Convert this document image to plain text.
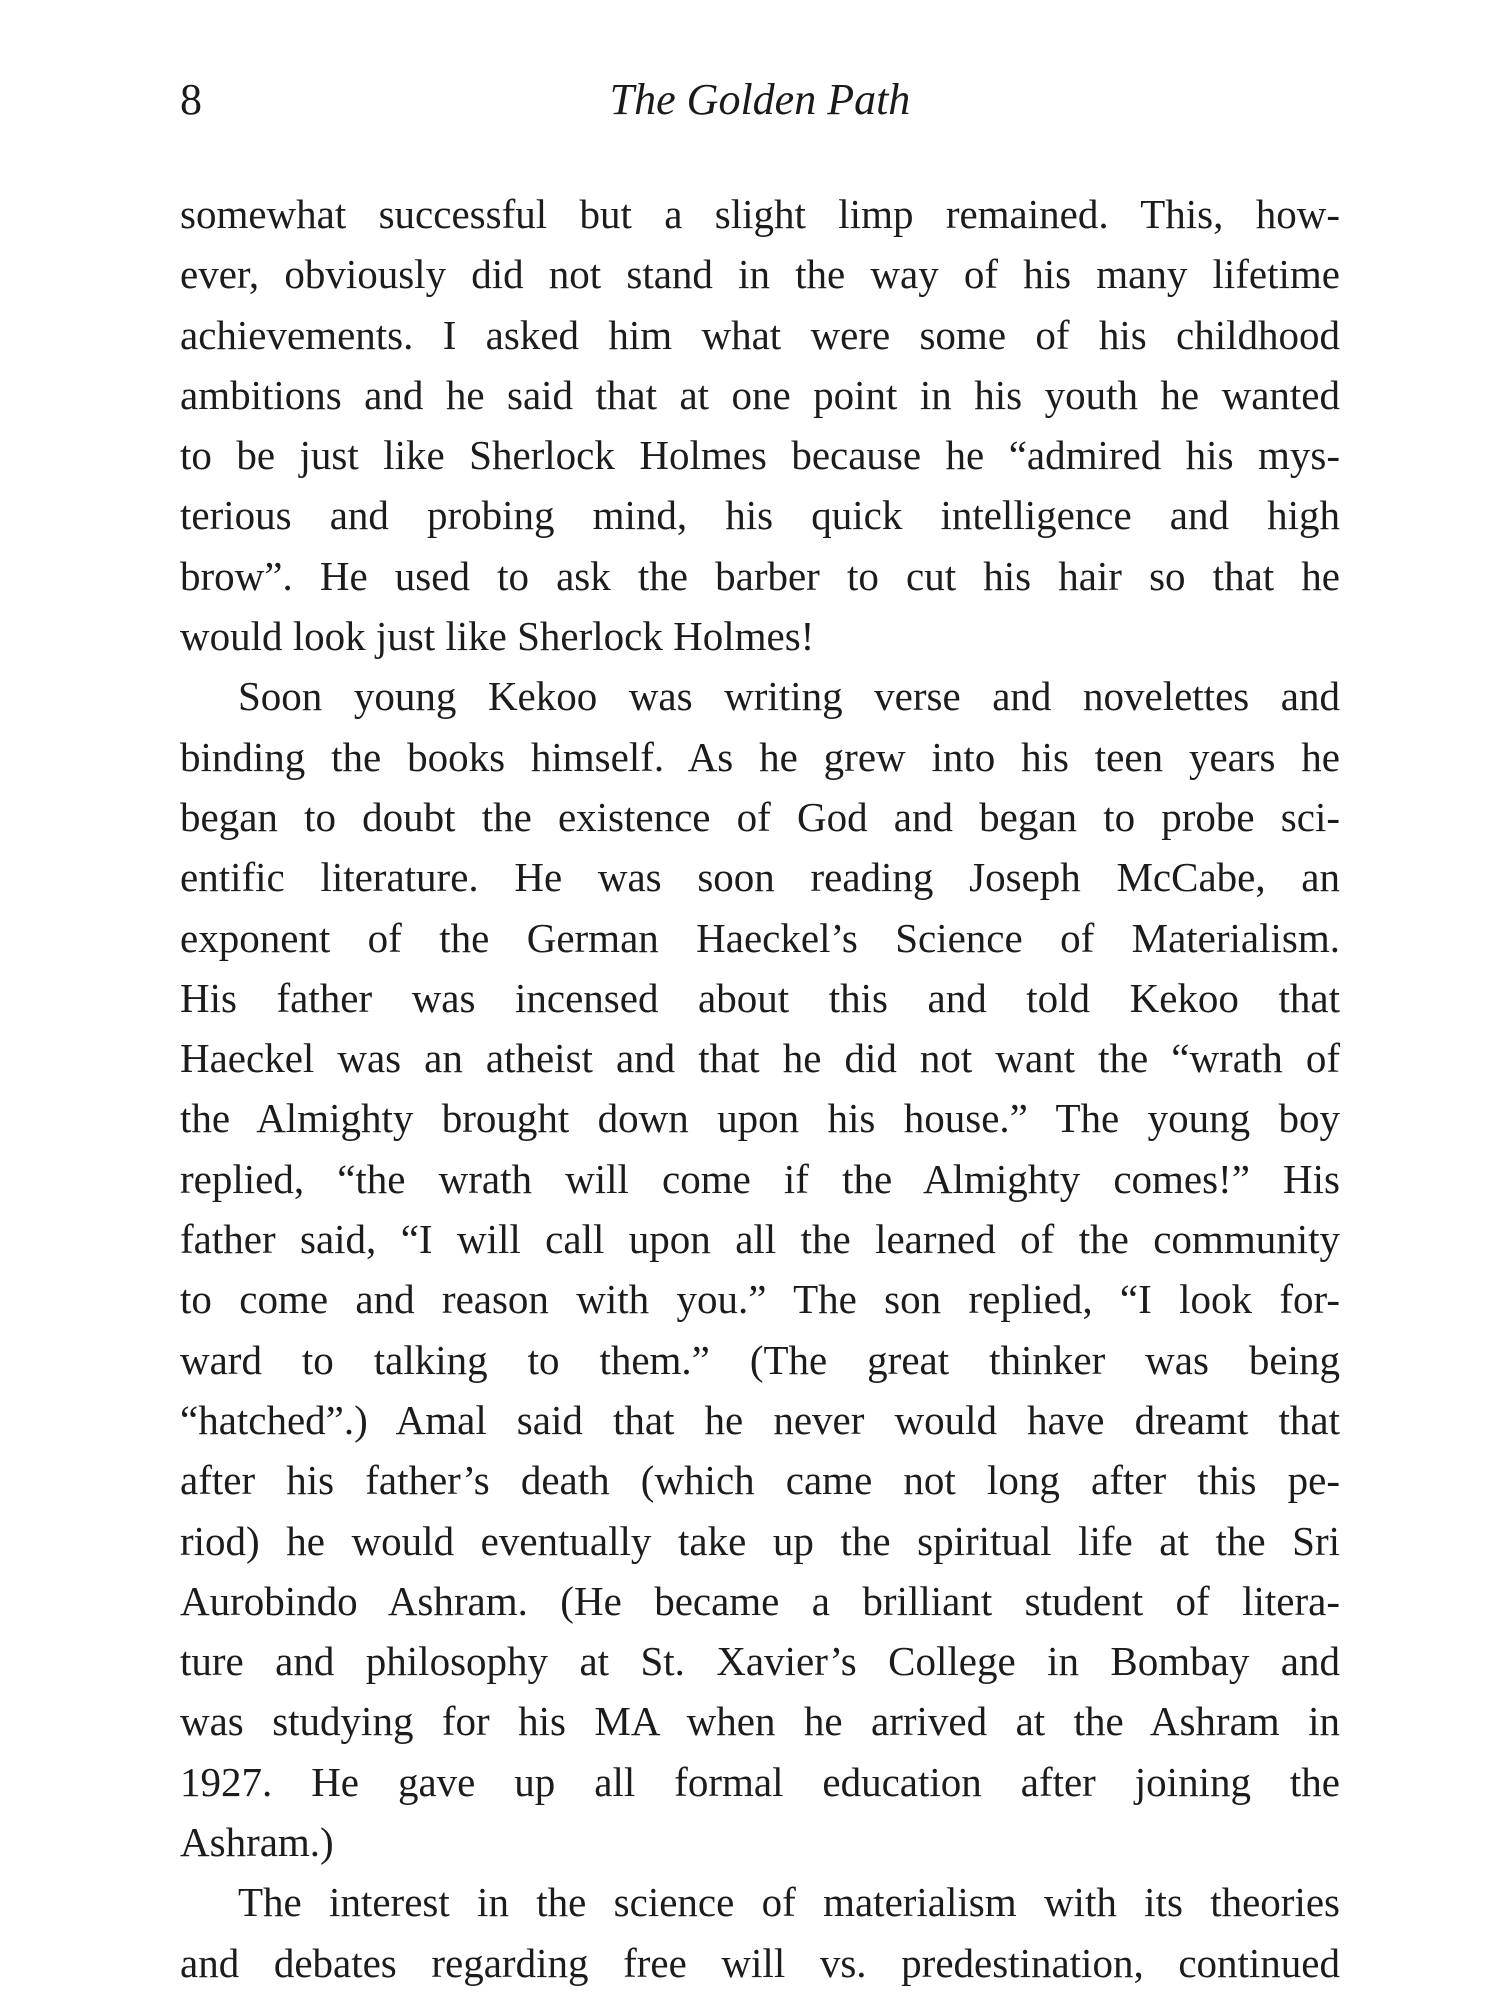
8	The Golden Path
somewhat successful but a slight limp remained. This, how-
ever, obviously did not stand in the way of his many lifetime
achievements. I asked him what were some of his childhood
ambitions and he said that at one point in his youth he wanted
to be just like Sherlock Holmes because he “admired his mys-
terious and probing mind, his quick intelligence and high
brow”. He used to ask the barber to cut his hair so that he
would look just like Sherlock Holmes!
Soon young Kekoo was writing verse and novelettes and
binding the books himself. As he grew into his teen years he
began to doubt the existence of God and began to probe sci-
entific literature. He was soon reading Joseph McCabe, an
exponent of the German Haeckel’s Science of Materialism.
His father was incensed about this and told Kekoo that
Haeckel was an atheist and that he did not want the “wrath of
the Almighty brought down upon his house.” The young boy
replied, “the wrath will come if the Almighty comes!” His
father said, “I will call upon all the learned of the community
to come and reason with you.” The son replied, “I look for-
ward to talking to them.” (The great thinker was being
“hatched”.) Amal said that he never would have dreamt that
after his father’s death (which came not long after this pe-
riod) he would eventually take up the spiritual life at the Sri
Aurobindo Ashram. (He became a brilliant student of litera-
ture and philosophy at St. Xavier’s College in Bombay and
was studying for his MA when he arrived at the Ashram in
1927. He gave up all formal education after joining the
Ashram.)
The interest in the science of materialism with its theories
and debates regarding free will vs. predestination, continued
